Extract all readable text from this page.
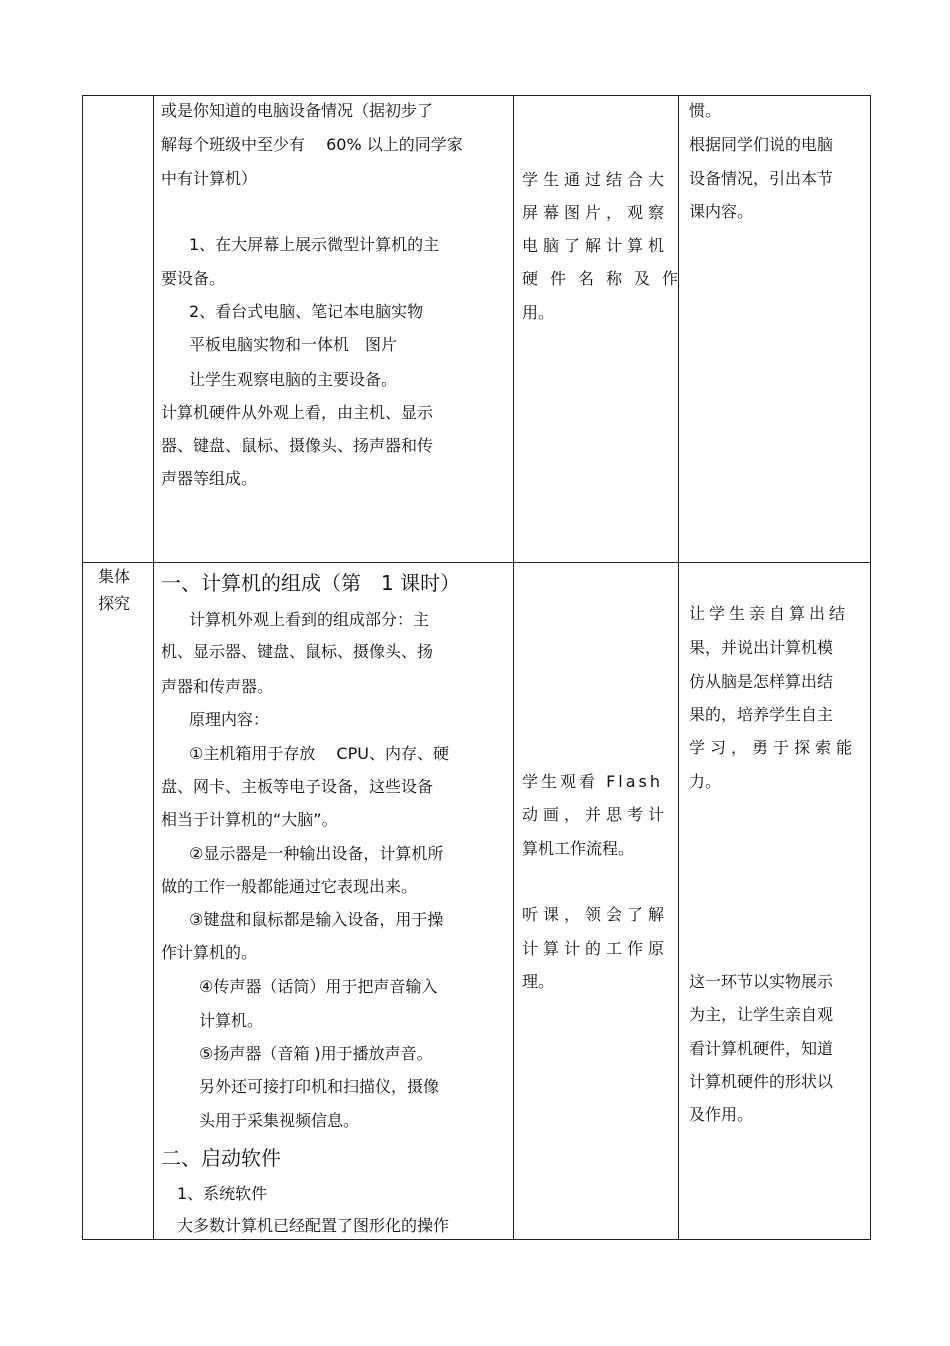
或是你知道的电脑设备情况（据初步了
解每个班级中至少有　 60% 以上的同学家
中有计算机）
1、在大屏幕上展示微型计算机的主
要设备。
2、看台式电脑、笔记本电脑实物
平板电脑实物和一体机　图片
让学生观察电脑的主要设备。
计算机硬件从外观上看，由主机、显示
器、键盘、鼠标、摄像头、扬声器和传
声器等组成。
学生通过结合大
屏幕图片，观察
电脑了解计算机
硬件名称及作
用。
惯。
根据同学们说的电脑
设备情况，引出本节
课内容。
集体
探究
一、计算机的组成（第　1 课时）
计算机外观上看到的组成部分：主
机、显示器、键盘、鼠标、摄像头、扬
声器和传声器。
原理内容：
①主机箱用于存放　 CPU、内存、硬
盘、网卡、主板等电子设备，这些设备
相当于计算机的“大脑”。
②显示器是一种输出设备，计算机所
做的工作一般都能通过它表现出来。
③键盘和鼠标都是输入设备，用于操
作计算机的。
④传声器（话筒）用于把声音输入
计算机。
⑤扬声器（音箱 )用于播放声音。
另外还可接打印机和扫描仪，摄像
头用于采集视频信息。
二、启动软件
1、系统软件
大多数计算机已经配置了图形化的操作
学生观看 Flash
动画，并思考计
算机工作流程。
听课，领会了解
计算计的工作原
理。
让学生亲自算出结
果，并说出计算机模
仿从脑是怎样算出结
果的，培养学生自主
学习，勇于探索能
力。
这一环节以实物展示
为主，让学生亲自观
看计算机硬件，知道
计算机硬件的形状以
及作用。
